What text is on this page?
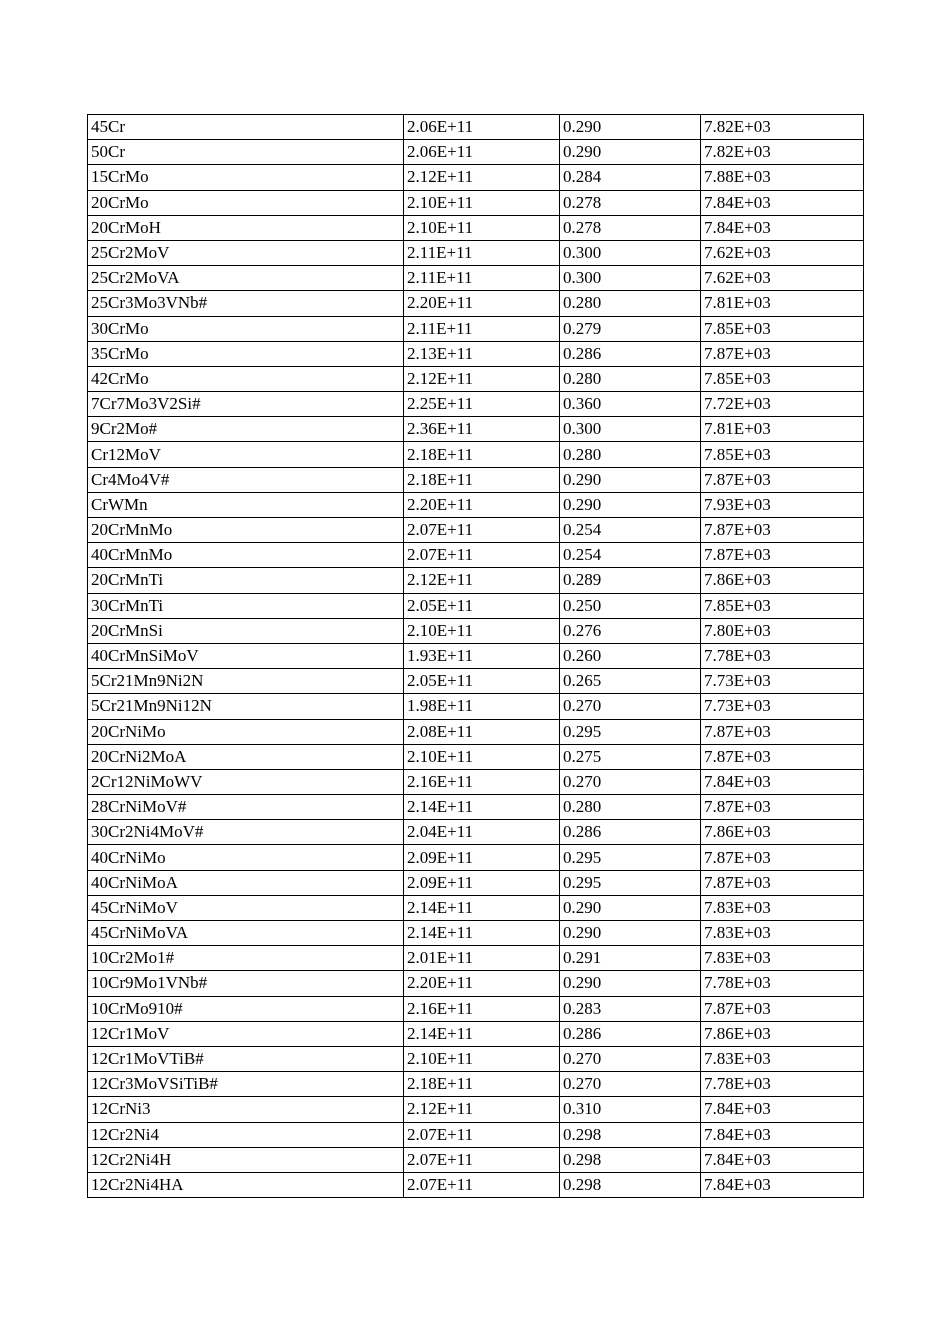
45Cr	2.06E+11	0.290	7.82E+03
50Cr	2.06E+11	0.290	7.82E+03
15CrMo	2.12E+11	0.284	7.88E+03
20CrMo	2.10E+11	0.278	7.84E+03
20CrMoH	2.10E+11	0.278	7.84E+03
25Cr2MoV	2.11E+11	0.300	7.62E+03
25Cr2MoVA	2.11E+11	0.300	7.62E+03
25Cr3Mo3VNb#	2.20E+11	0.280	7.81E+03
30CrMo	2.11E+11	0.279	7.85E+03
35CrMo	2.13E+11	0.286	7.87E+03
42CrMo	2.12E+11	0.280	7.85E+03
7Cr7Mo3V2Si#	2.25E+11	0.360	7.72E+03
9Cr2Mo#	2.36E+11	0.300	7.81E+03
Cr12MoV	2.18E+11	0.280	7.85E+03
Cr4Mo4V#	2.18E+11	0.290	7.87E+03
CrWMn	2.20E+11	0.290	7.93E+03
20CrMnMo	2.07E+11	0.254	7.87E+03
40CrMnMo	2.07E+11	0.254	7.87E+03
20CrMnTi	2.12E+11	0.289	7.86E+03
30CrMnTi	2.05E+11	0.250	7.85E+03
20CrMnSi	2.10E+11	0.276	7.80E+03
40CrMnSiMoV	1.93E+11	0.260	7.78E+03
5Cr21Mn9Ni2N	2.05E+11	0.265	7.73E+03
5Cr21Mn9Ni12N	1.98E+11	0.270	7.73E+03
20CrNiMo	2.08E+11	0.295	7.87E+03
20CrNi2MoA	2.10E+11	0.275	7.87E+03
2Cr12NiMoWV	2.16E+11	0.270	7.84E+03
28CrNiMoV#	2.14E+11	0.280	7.87E+03
30Cr2Ni4MoV#	2.04E+11	0.286	7.86E+03
40CrNiMo	2.09E+11	0.295	7.87E+03
40CrNiMoA	2.09E+11	0.295	7.87E+03
45CrNiMoV	2.14E+11	0.290	7.83E+03
45CrNiMoVA	2.14E+11	0.290	7.83E+03
10Cr2Mo1#	2.01E+11	0.291	7.83E+03
10Cr9Mo1VNb#	2.20E+11	0.290	7.78E+03
10CrMo910#	2.16E+11	0.283	7.87E+03
12Cr1MoV	2.14E+11	0.286	7.86E+03
12Cr1MoVTiB#	2.10E+11	0.270	7.83E+03
12Cr3MoVSiTiB#	2.18E+11	0.270	7.78E+03
12CrNi3	2.12E+11	0.310	7.84E+03
12Cr2Ni4	2.07E+11	0.298	7.84E+03
12Cr2Ni4H	2.07E+11	0.298	7.84E+03
12Cr2Ni4HA	2.07E+11	0.298	7.84E+03
